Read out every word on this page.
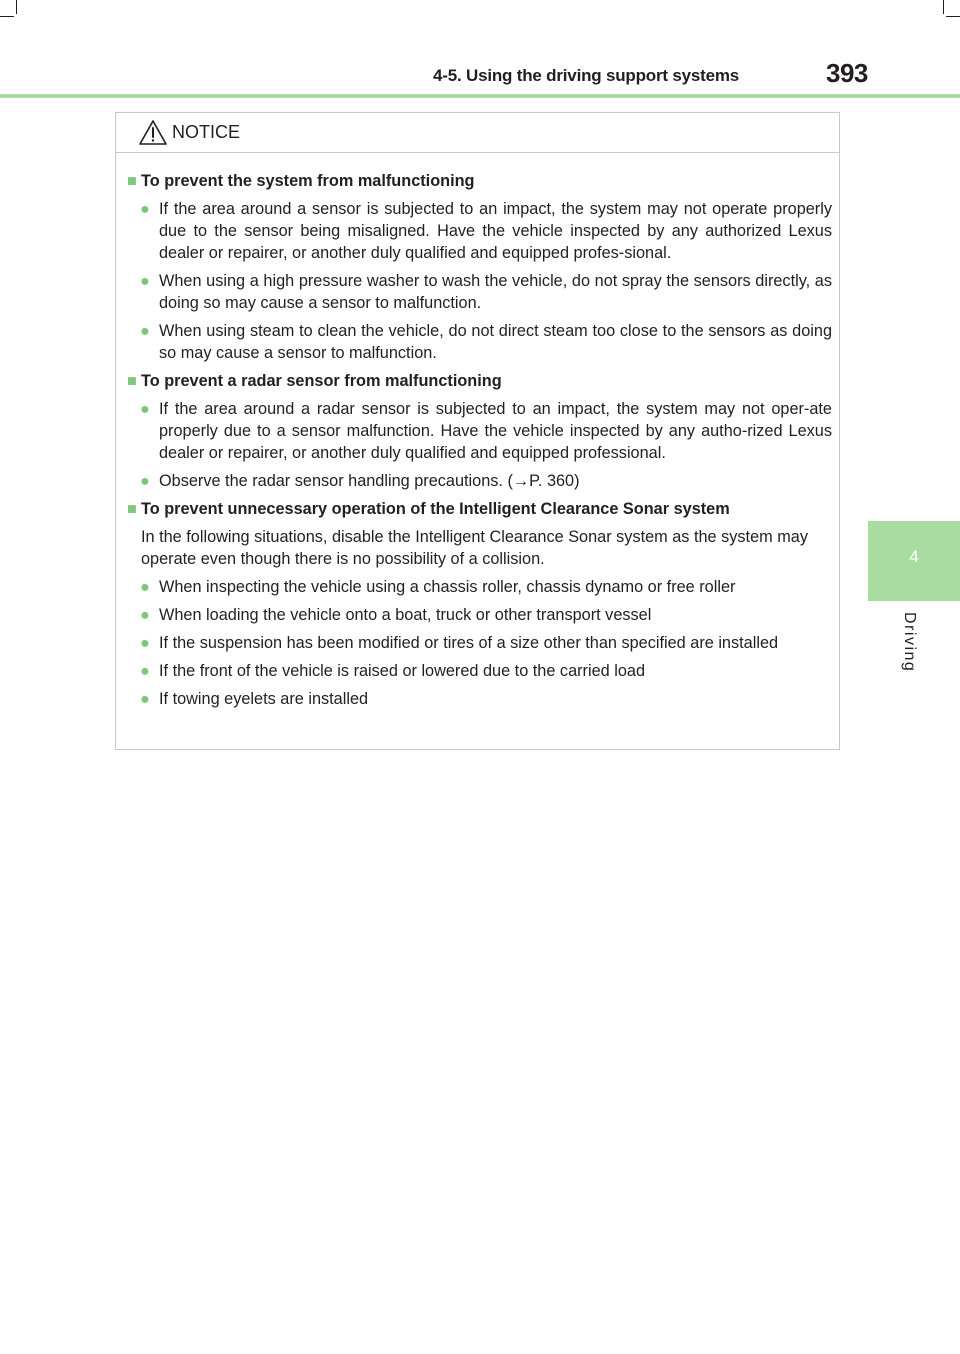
4-5. Using the driving support systems	393
4
Driving
NOTICE
■ To prevent the system from malfunctioning
● If the area around a sensor is subjected to an impact, the system may not operate properly due to the sensor being misaligned. Have the vehicle inspected by any authorized Lexus dealer or repairer, or another duly qualified and equipped profes-sional.
● When using a high pressure washer to wash the vehicle, do not spray the sensors directly, as doing so may cause a sensor to malfunction.
● When using steam to clean the vehicle, do not direct steam too close to the sensors as doing so may cause a sensor to malfunction.
■ To prevent a radar sensor from malfunctioning
● If the area around a radar sensor is subjected to an impact, the system may not oper-ate properly due to a sensor malfunction. Have the vehicle inspected by any autho-rized Lexus dealer or repairer, or another duly qualified and equipped professional.
● Observe the radar sensor handling precautions. (→P. 360)
■ To prevent unnecessary operation of the Intelligent Clearance Sonar system
In the following situations, disable the Intelligent Clearance Sonar system as the system may operate even though there is no possibility of a collision.
● When inspecting the vehicle using a chassis roller, chassis dynamo or free roller
● When loading the vehicle onto a boat, truck or other transport vessel
● If the suspension has been modified or tires of a size other than specified are installed
● If the front of the vehicle is raised or lowered due to the carried load
● If towing eyelets are installed
